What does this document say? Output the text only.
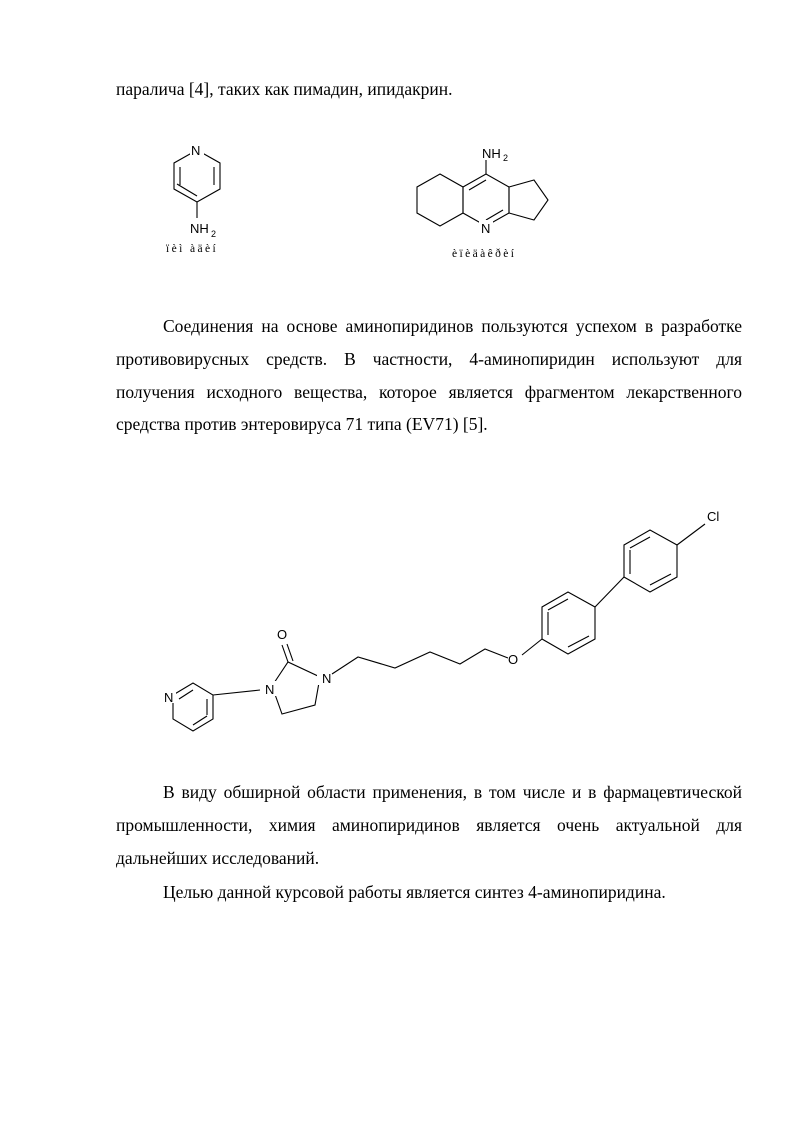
паралича [4], таких как пимадин, ипидакрин.
N
NH 2
ïèì àäèí
NH 2
N
èïèäàêðèí
Соединения на основе аминопиридинов пользуются успехом в разработке противовирусных средств. В частности, 4-аминопиридин используют для получения исходного вещества, которое является фрагментом лекарственного средства против энтеровируса 71 типа (EV71) [5].
N
N
N
O
O
Cl
В виду обширной области применения, в том числе и в фармацевтической промышленности, химия аминопиридинов является очень актуальной для дальнейших исследований.
Целью данной курсовой работы является синтез 4-аминопиридина.
